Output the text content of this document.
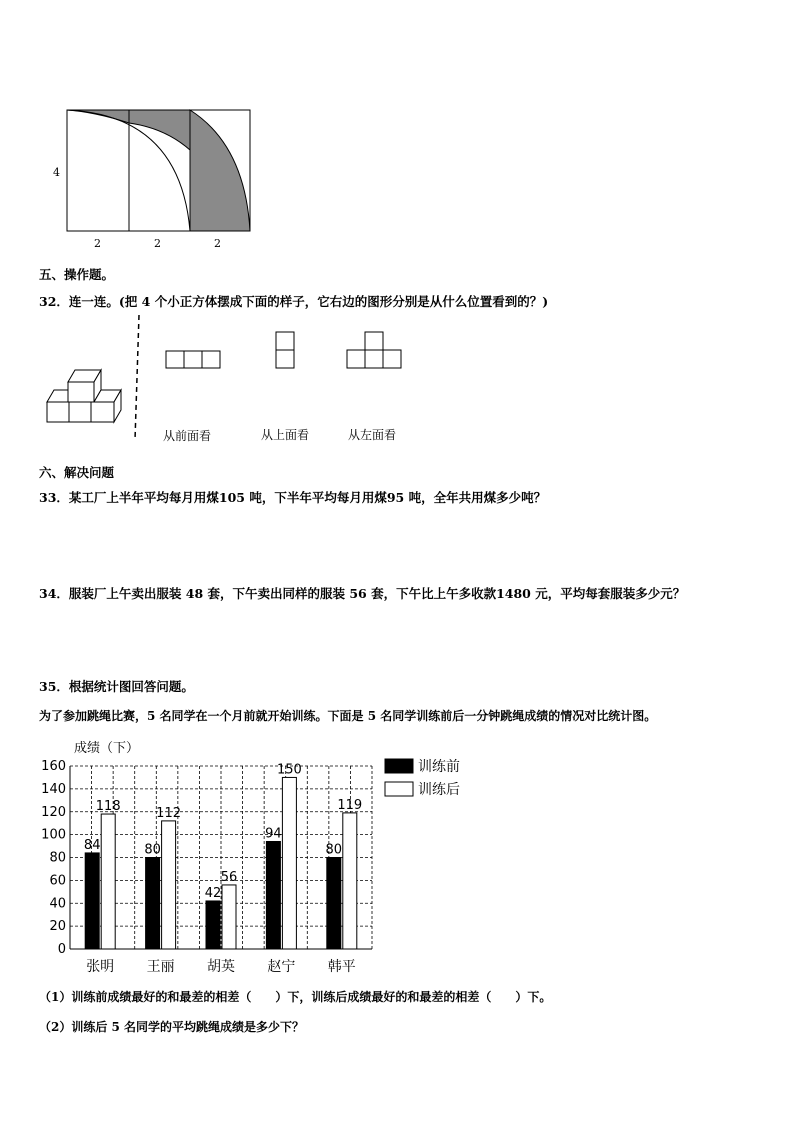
4
2	2	2
五、操作题。
32．连一连。(把 4 个小正方体摆成下面的样子，它右边的图形分别是从什么位置看到的？)
从前面看	从上面看	从左面看
六、解决问题
33．某工厂上半年平均每月用煤105 吨，下半年平均每月用煤95 吨，全年共用煤多少吨？
34．服装厂上午卖出服装 48 套，下午卖出同样的服装 56 套，下午比上午多收款1480 元，平均每套服装多少元？
35．根据统计图回答问题。
为了参加跳绳比赛，5 名同学在一个月前就开始训练。下面是 5 名同学训练前后一分钟跳绳成绩的情况对比统计图。
0
20
40
60
80
100
120
140
160
成绩（下）
84
118
张明
80
112
王丽
42
56
胡英
94
150
赵宁
80
119
韩平
训练前
训练后
（1）训练前成绩最好的和最差的相差（　　）下，训练后成绩最好的和最差的相差（　　）下。
（2）训练后 5 名同学的平均跳绳成绩是多少下？
